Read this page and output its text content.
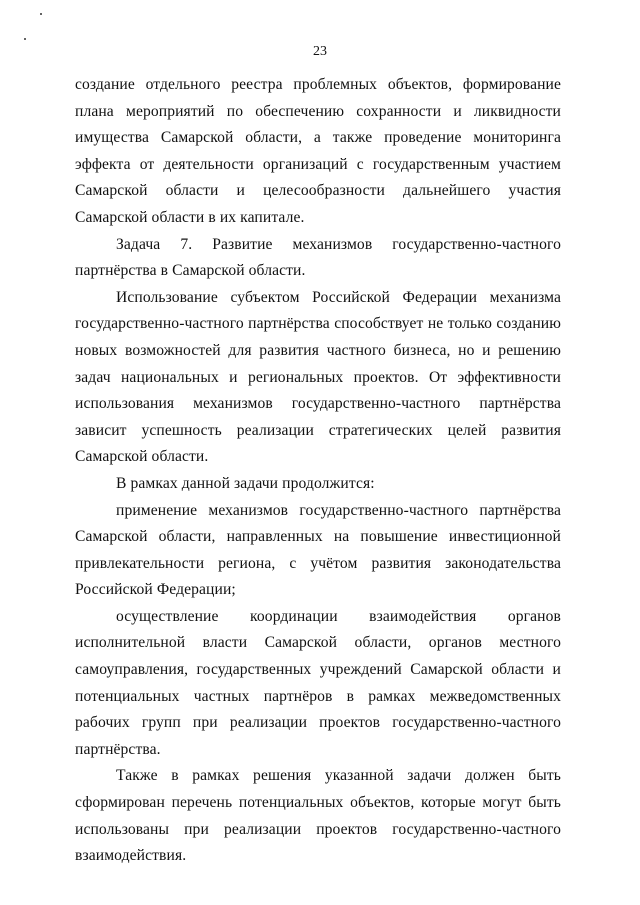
23

создание отдельного реестра проблемных объектов, формирование плана мероприятий по обеспечению сохранности и ликвидности имущества Самарской области, а также проведение мониторинга эффекта от деятельности организаций с государственным участием Самарской области и целесообразности дальнейшего участия Самарской области в их капитале.

Задача 7. Развитие механизмов государственно-частного партнёрства в Самарской области.

Использование субъектом Российской Федерации механизма государственно-частного партнёрства способствует не только созданию новых возможностей для развития частного бизнеса, но и решению задач национальных и региональных проектов. От эффективности использования механизмов государственно-частного партнёрства зависит успешность реализации стратегических целей развития Самарской области.

В рамках данной задачи продолжится:

применение механизмов государственно-частного партнёрства Самарской области, направленных на повышение инвестиционной привлекательности региона, с учётом развития законодательства Российской Федерации;

осуществление координации взаимодействия органов исполнительной власти Самарской области, органов местного самоуправления, государственных учреждений Самарской области и потенциальных частных партнёров в рамках межведомственных рабочих групп при реализации проектов государственно-частного партнёрства.

Также в рамках решения указанной задачи должен быть сформирован перечень потенциальных объектов, которые могут быть использованы при реализации проектов государственно-частного взаимодействия.
